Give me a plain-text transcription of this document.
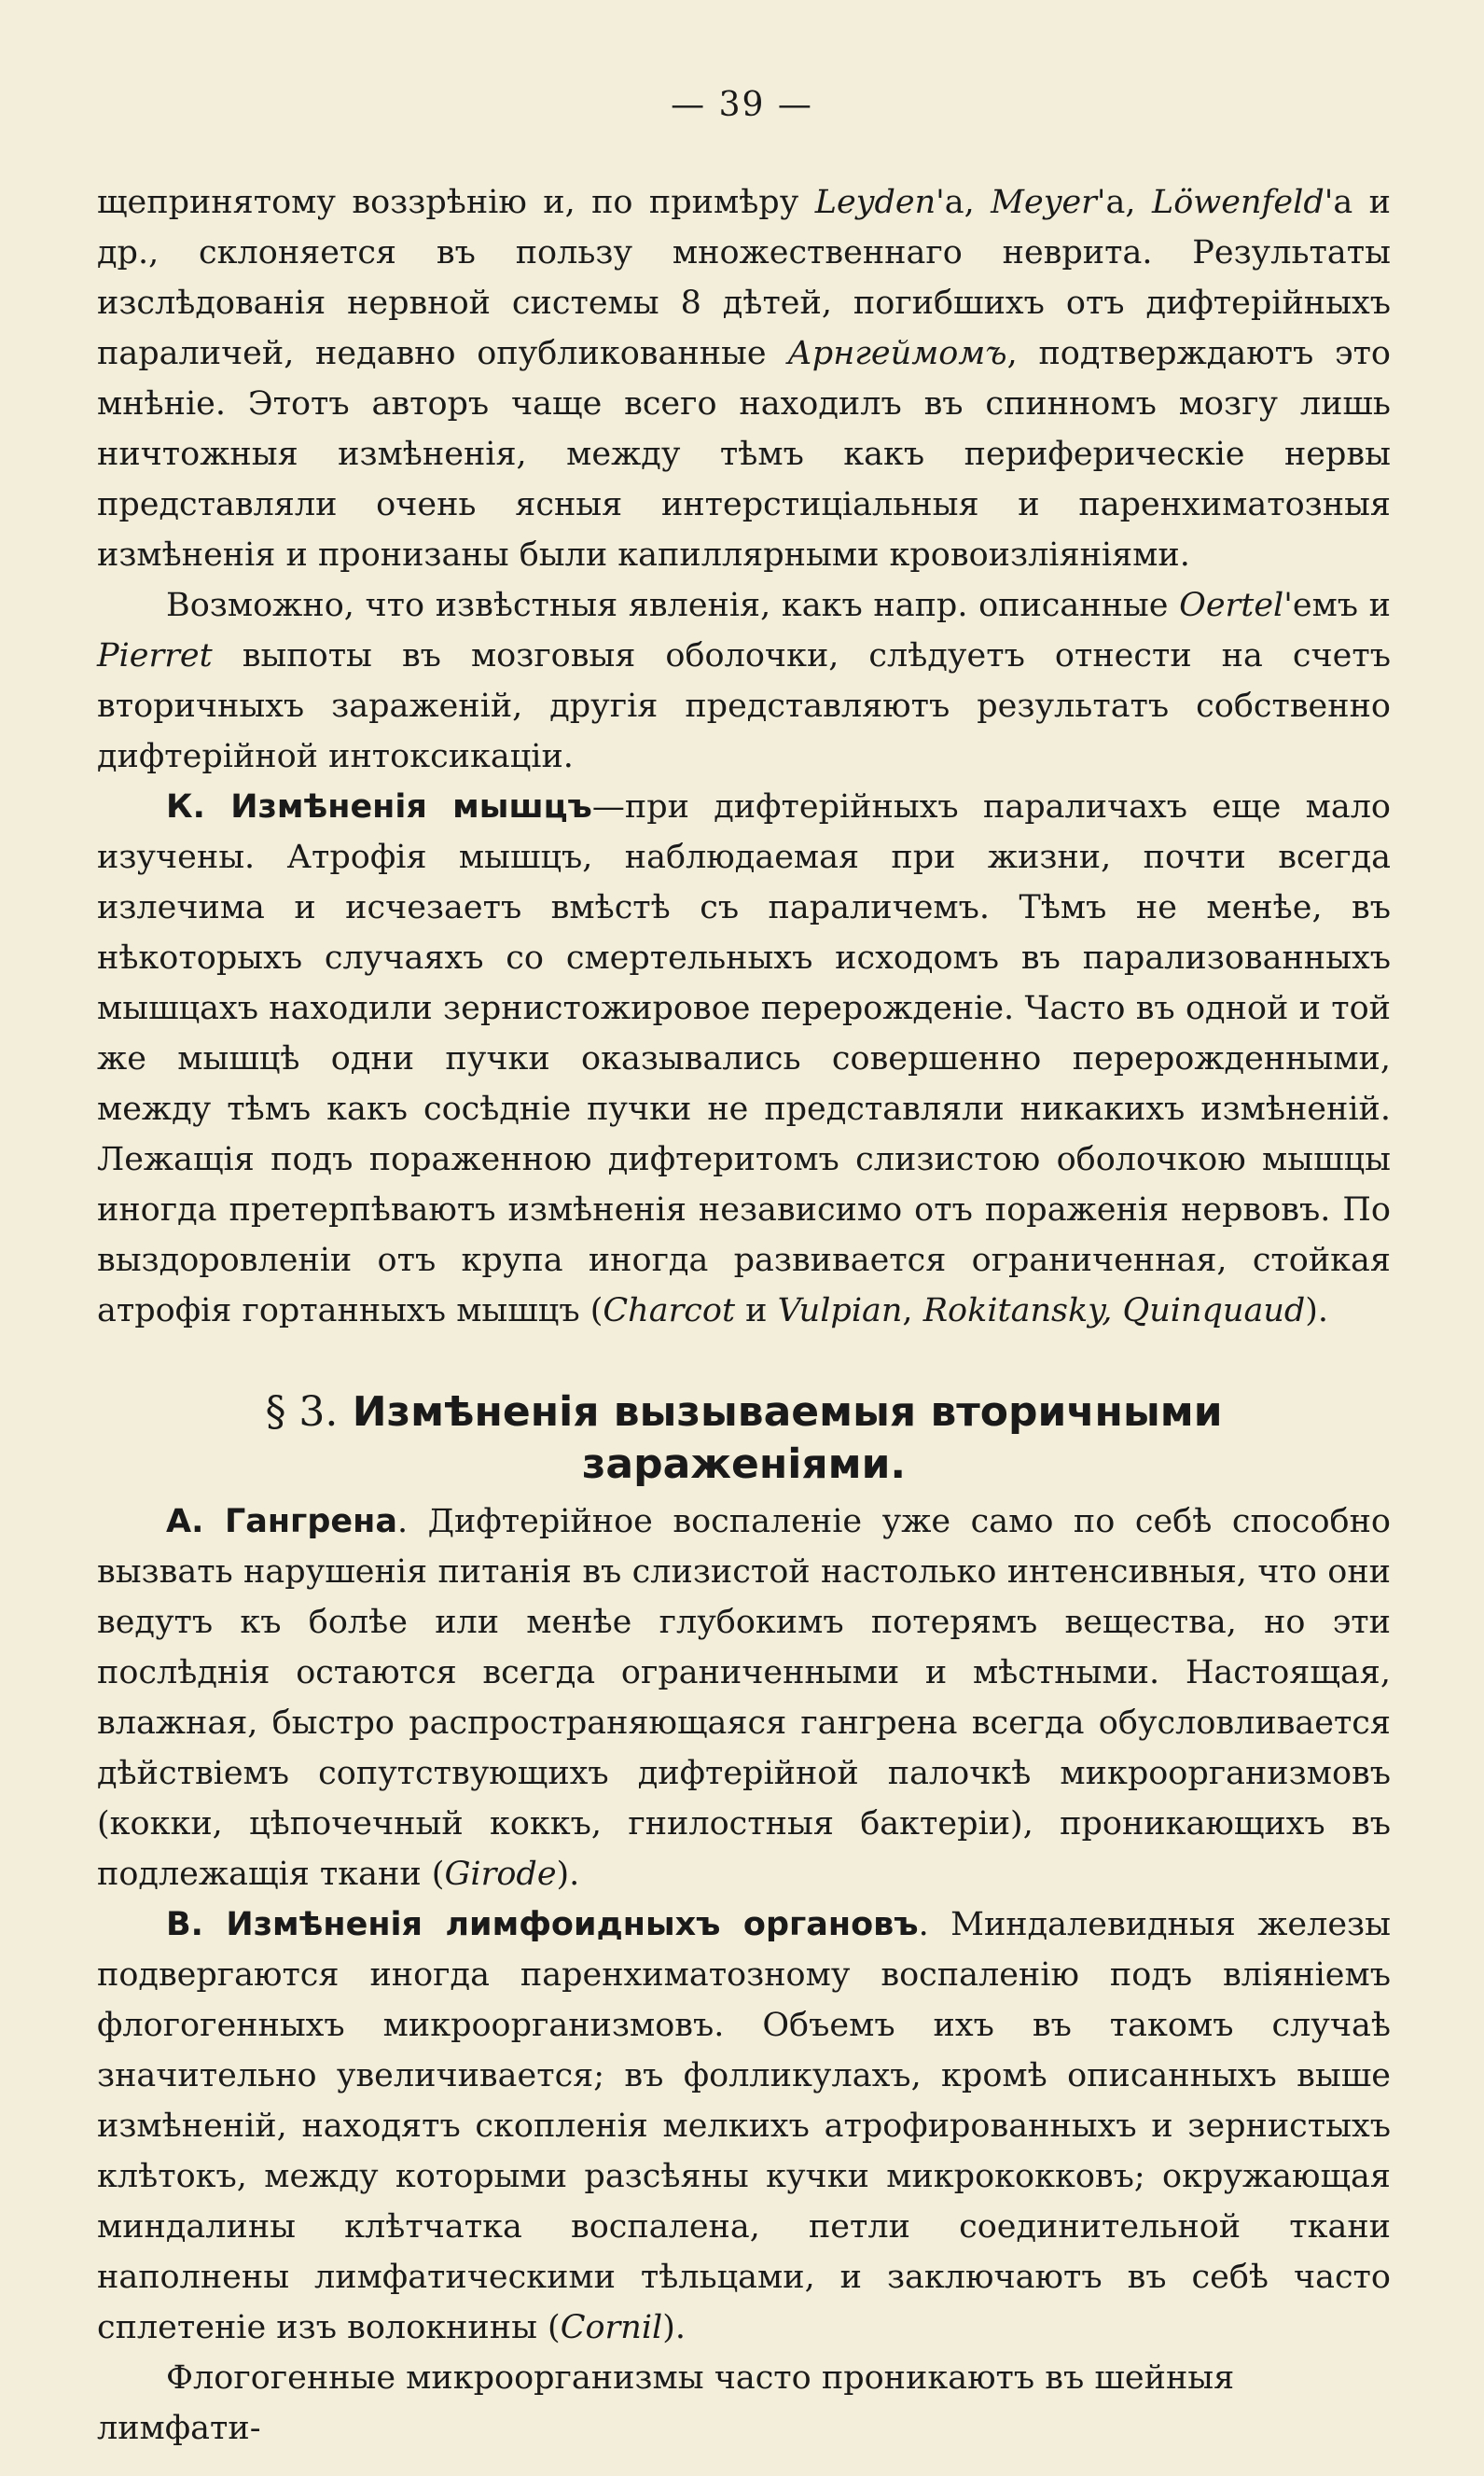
— 39 —

щепринятому воззрѣнію и, по примѣру Leyden'а, Meyer'а, Löwenfeld'а и др., склоняется въ пользу множественнаго неврита. Результаты изслѣдованія нервной системы 8 дѣтей, погибшихъ отъ дифтерійныхъ параличей, недавно опубликованные Арнгеймомъ, подтверждаютъ это мнѣніе. Этотъ авторъ чаще всего находилъ въ спинномъ мозгу лишь ничтожныя измѣненія, между тѣмъ какъ периферическіе нервы представляли очень ясныя интерстиціальныя и паренхиматозныя измѣненія и пронизаны были капиллярными кровоизліяніями.

Возможно, что извѣстныя явленія, какъ напр. описанные Oertel'емъ и Pierret выпоты въ мозговыя оболочки, слѣдуетъ отнести на счетъ вторичныхъ зараженій, другія представляютъ результатъ собственно дифтерійной интоксикаціи.

К. Измѣненія мышцъ—при дифтерійныхъ параличахъ еще мало изучены. Атрофія мышцъ, наблюдаемая при жизни, почти всегда излечима и исчезаетъ вмѣстѣ съ параличемъ. Тѣмъ не менѣе, въ нѣкоторыхъ случаяхъ со смертельныхъ исходомъ въ парализованныхъ мышцахъ находили зернистожировое перерожденіе. Часто въ одной и той же мышцѣ одни пучки оказывались совершенно перерожденными, между тѣмъ какъ сосѣдніе пучки не представляли никакихъ измѣненій. Лежащія подъ пораженною дифтеритомъ слизистою оболочкою мышцы иногда претерпѣваютъ измѣненія независимо отъ пораженія нервовъ. По выздоровленіи отъ крупа иногда развивается ограниченная, стойкая атрофія гортанныхъ мышцъ (Charcot и Vulpian, Rokitansky, Quinquaud).

§ 3. Измѣненія вызываемыя вторичными зараженіями.

А. Гангрена. Дифтерійное воспаленіе уже само по себѣ способно вызвать нарушенія питанія въ слизистой настолько интенсивныя, что они ведутъ къ болѣе или менѣе глубокимъ потерямъ вещества, но эти послѣднія остаются всегда ограниченными и мѣстными. Настоящая, влажная, быстро распространяющаяся гангрена всегда обусловливается дѣйствіемъ сопутствующихъ дифтерійной палочкѣ микроорганизмовъ (кокки, цѣпочечный коккъ, гнилостныя бактеріи), проникающихъ въ подлежащія ткани (Girode).

В. Измѣненія лимфоидныхъ органовъ. Миндалевидныя железы подвергаются иногда паренхиматозному воспаленію подъ вліяніемъ флогогенныхъ микроорганизмовъ. Объемъ ихъ въ такомъ случаѣ значительно увеличивается; въ фолликулахъ, кромѣ описанныхъ выше измѣненій, находятъ скопленія мелкихъ атрофированныхъ и зернистыхъ клѣтокъ, между которыми разсѣяны кучки микрококковъ; окружающая миндалины клѣтчатка воспалена, петли соединительной ткани наполнены лимфатическими тѣльцами, и заключаютъ въ себѣ часто сплетеніе изъ волокнины (Cornil).

Флогогенные микроорганизмы часто проникаютъ въ шейныя лимфати-
